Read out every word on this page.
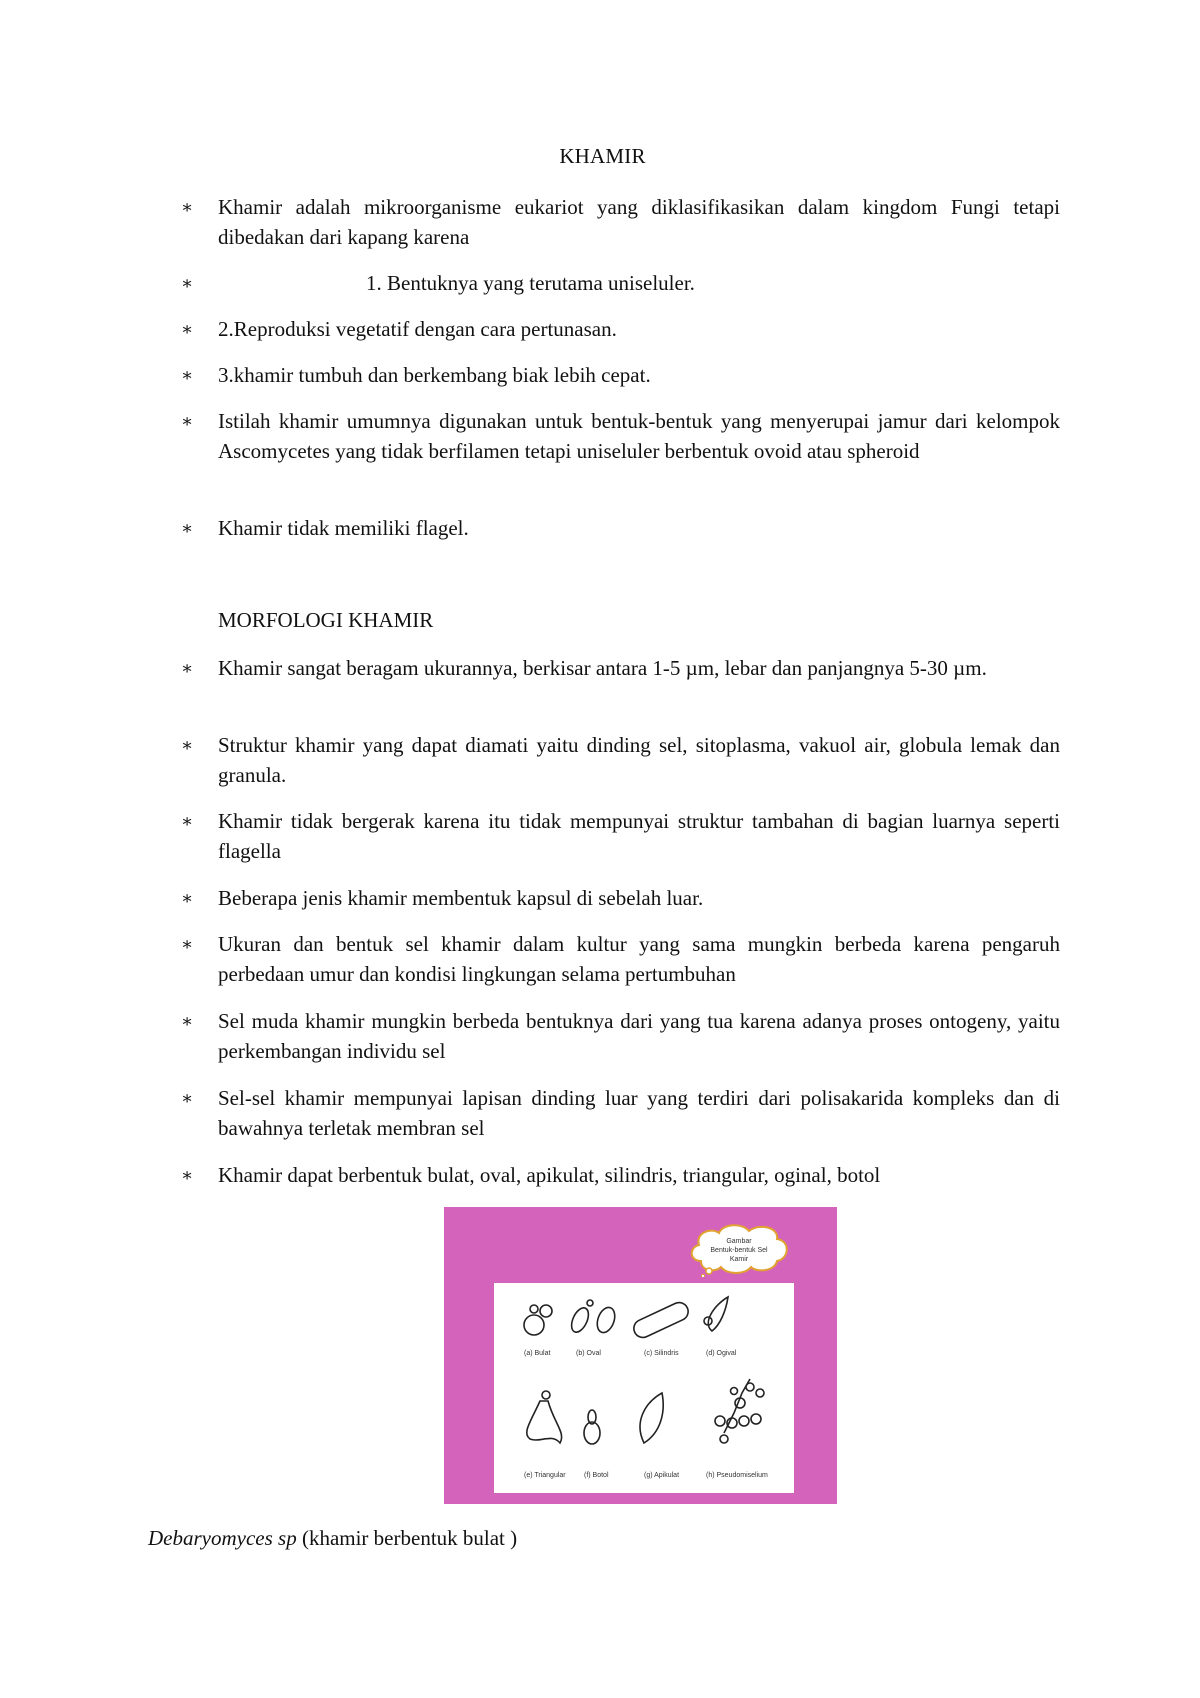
KHAMIR
∗	Khamir adalah mikroorganisme eukariot yang diklasifikasikan dalam kingdom Fungi tetapi dibedakan dari kapang karena
∗	1. Bentuknya yang terutama uniseluler.
∗	2.Reproduksi vegetatif dengan cara pertunasan.
∗	3.khamir tumbuh dan berkembang biak lebih cepat.
∗	Istilah khamir umumnya digunakan untuk bentuk-bentuk yang menyerupai jamur dari kelompok Ascomycetes yang tidak berfilamen tetapi uniseluler berbentuk ovoid atau spheroid
∗	Khamir tidak memiliki flagel.
MORFOLOGI KHAMIR
∗	Khamir sangat beragam ukurannya, berkisar antara 1-5 µm, lebar dan panjangnya 5-30 µm.
∗	Struktur khamir yang dapat diamati yaitu dinding sel, sitoplasma, vakuol air, globula lemak dan granula.
∗	Khamir tidak bergerak karena itu tidak mempunyai struktur tambahan di bagian luarnya seperti flagella
∗	Beberapa jenis khamir membentuk kapsul di sebelah luar.
∗	Ukuran dan bentuk sel khamir dalam kultur yang sama mungkin berbeda karena pengaruh perbedaan umur dan kondisi lingkungan selama pertumbuhan
∗	Sel muda khamir mungkin berbeda bentuknya dari yang tua karena adanya proses ontogeny, yaitu perkembangan individu sel
∗	Sel-sel khamir mempunyai lapisan dinding luar yang terdiri dari polisakarida kompleks dan di bawahnya terletak membran sel
∗	Khamir dapat berbentuk bulat, oval, apikulat, silindris, triangular, oginal, botol
Gambar
Bentuk-bentuk Sel
Kamir
(a) Bulat	(b) Oval	(c) Silindris	(d) Ogival
(e) Triangular	(f) Botol	(g) Apikulat	(h) Pseudomiselium
Debaryomyces sp (khamir berbentuk bulat )
